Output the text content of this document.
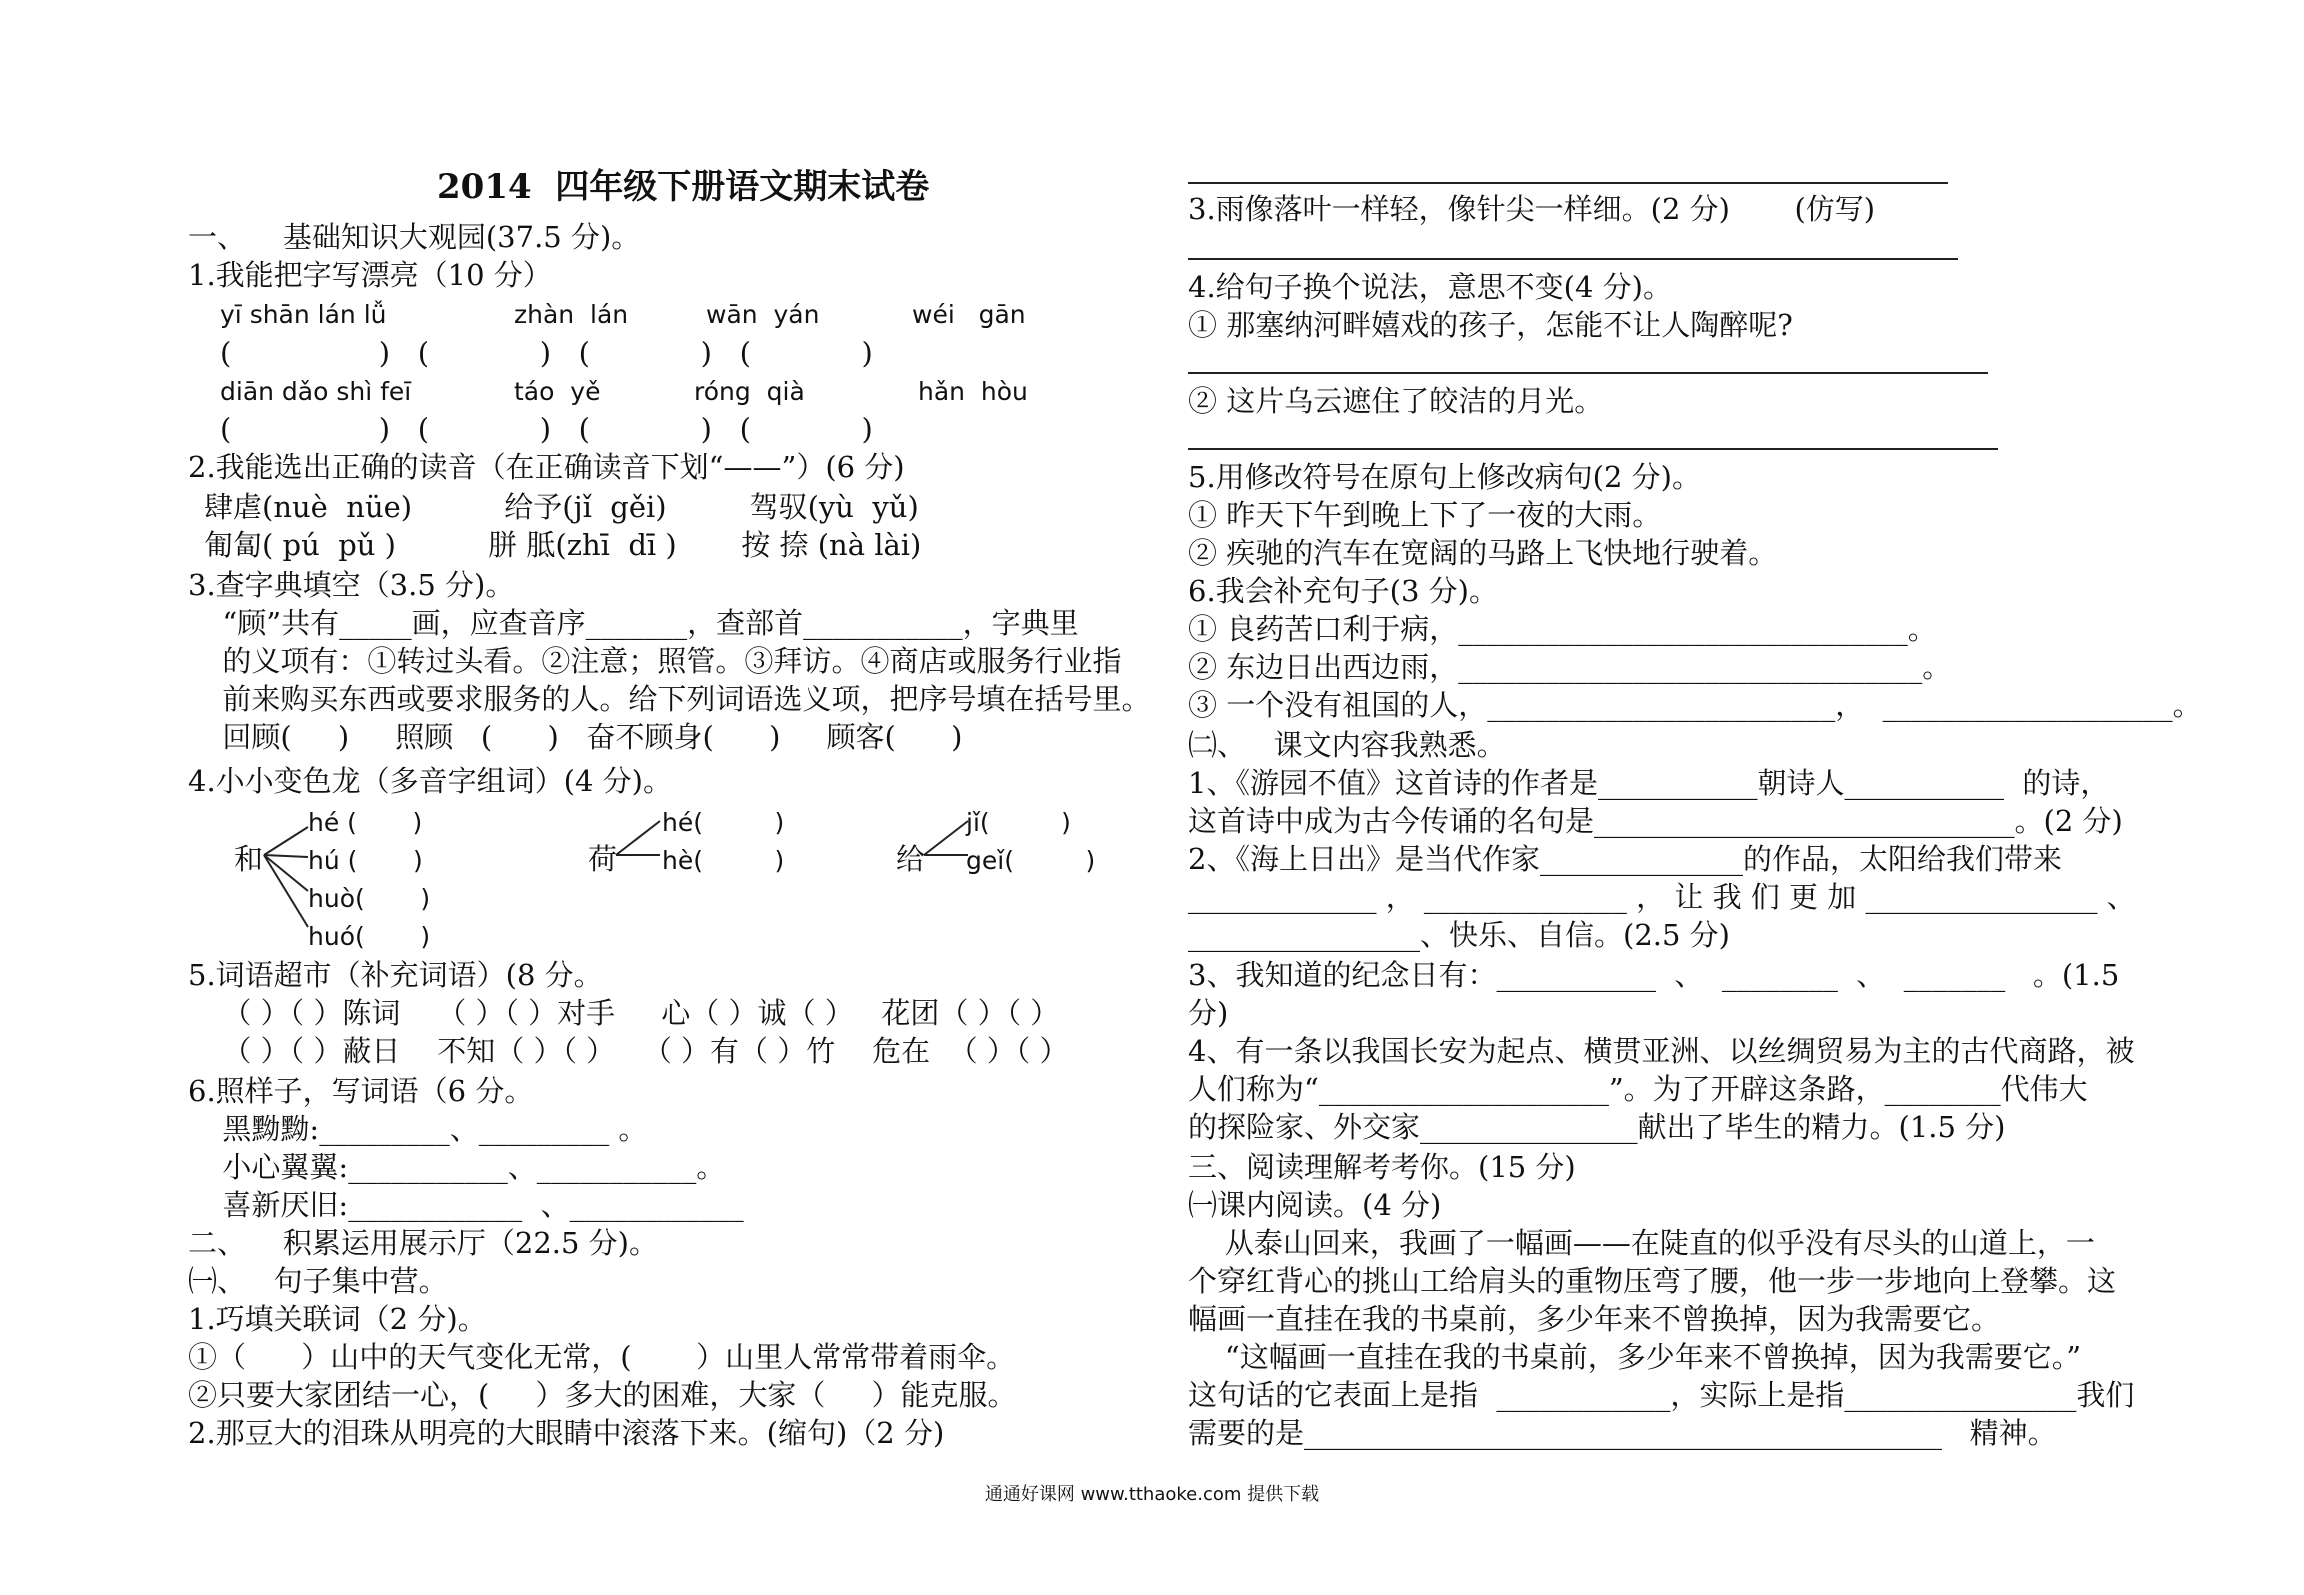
2014  四年级下册语文期末试卷
一、    基础知识大观园(37.5 分)。
1.我能把字写漂亮（10 分）
yī shān lán lǚ	zhàn  lán	wān  yán	wéi   gān
(                )   (            )   (            )   (            )
diān dǎo shì feī	táo  yě	róng  qià	hǎn  hòu
(                )   (            )   (            )   (            )
2.我能选出正确的读音（在正确读音下划“——”）(6 分)
肆虐(nuè  nüe)          给予(jǐ  gěi)         驾驭(yù  yǔ)
匍匐( pú  pǔ )          胼 胝(zhī  dī )       按 捺 (nà lài)
3.查字典填空（3.5 分)。
“顾”共有_____画，应查音序_______，查部首___________，字典里
的义项有：①转过头看。②注意；照管。③拜访。④商店或服务行业指
前来购买东西或要求服务的人。给下列词语选义项，把序号填在括号里。
回顾(     )     照顾   (      )   奋不顾身(      )     顾客(      )
4.小小变色龙（多音字组词）(4 分)。
和
hé (       )
hú (       )
huò(       )
huó(       )
荷
hé(         )
hè(         )	给
jǐ(         )
geǐ(         )
5.词语超市（补充词语）(8 分。
（ ）（ ）陈词    （ ）（ ）对手     心（ ）诚（ ）   花团（ ）（ ）
（ ）（ ）蔽日    不知（ ）（ ）   （ ）有（ ）竹    危在  （ ）（ ）
6.照样子，写词语（6 分。
黑黝黝:_________、_________ 。
小心翼翼:___________、___________。
喜新厌旧:____________  、____________
二、    积累运用展示厅（22.5 分)。
㈠、   句子集中营。
1.巧填关联词（2 分)。
①（      ）山中的天气变化无常，(       ）山里人常常带着雨伞。
②只要大家团结一心，(     ）多大的困难，大家（     ）能克服。
2.那豆大的泪珠从明亮的大眼睛中滚落下来。(缩句)（2 分)
3.雨像落叶一样轻，像针尖一样细。(2 分)       (仿写)
4.给句子换个说法，意思不变(4 分)。
① 那塞纳河畔嬉戏的孩子，怎能不让人陶醉呢?
② 这片乌云遮住了皎洁的月光。
5.用修改符号在原句上修改病句(2 分)。
① 昨天下午到晚上下了一夜的大雨。
② 疾驰的汽车在宽阔的马路上飞快地行驶着。
6.我会补充句子(3 分)。
① 良药苦口利于病，_______________________________。
② 东边日出西边雨，________________________________。
③ 一个没有祖国的人，________________________，  ____________________。
㈡、   课文内容我熟悉。
1、《游园不值》这首诗的作者是___________朝诗人___________  的诗，
这首诗中成为古今传诵的名句是_____________________________。(2 分)
2、《海上日出》是当代作家______________的作品，太阳给我们带来
_____________ ， ______________ ， 让 我 们 更 加 ________________ 、
________________、快乐、自信。(2.5 分)
3、我知道的纪念日有：___________  、  ________  、  _______   。(1.5
分)
4、有一条以我国长安为起点、横贯亚洲、以丝绸贸易为主的古代商路，被
人们称为“____________________”。为了开辟这条路，________代伟大
的探险家、外交家_______________献出了毕生的精力。(1.5 分)
三、阅读理解考考你。(15 分)
㈠课内阅读。(4 分)
从泰山回来，我画了一幅画——在陡直的似乎没有尽头的山道上，一
个穿红背心的挑山工给肩头的重物压弯了腰，他一步一步地向上登攀。这
幅画一直挂在我的书桌前，多少年来不曾换掉，因为我需要它。
“这幅画一直挂在我的书桌前，多少年来不曾换掉，因为我需要它。”
这句话的它表面上是指  ____________，实际上是指________________我们
需要的是____________________________________________   精神。
通通好课网 www.tthaoke.com 提供下载
